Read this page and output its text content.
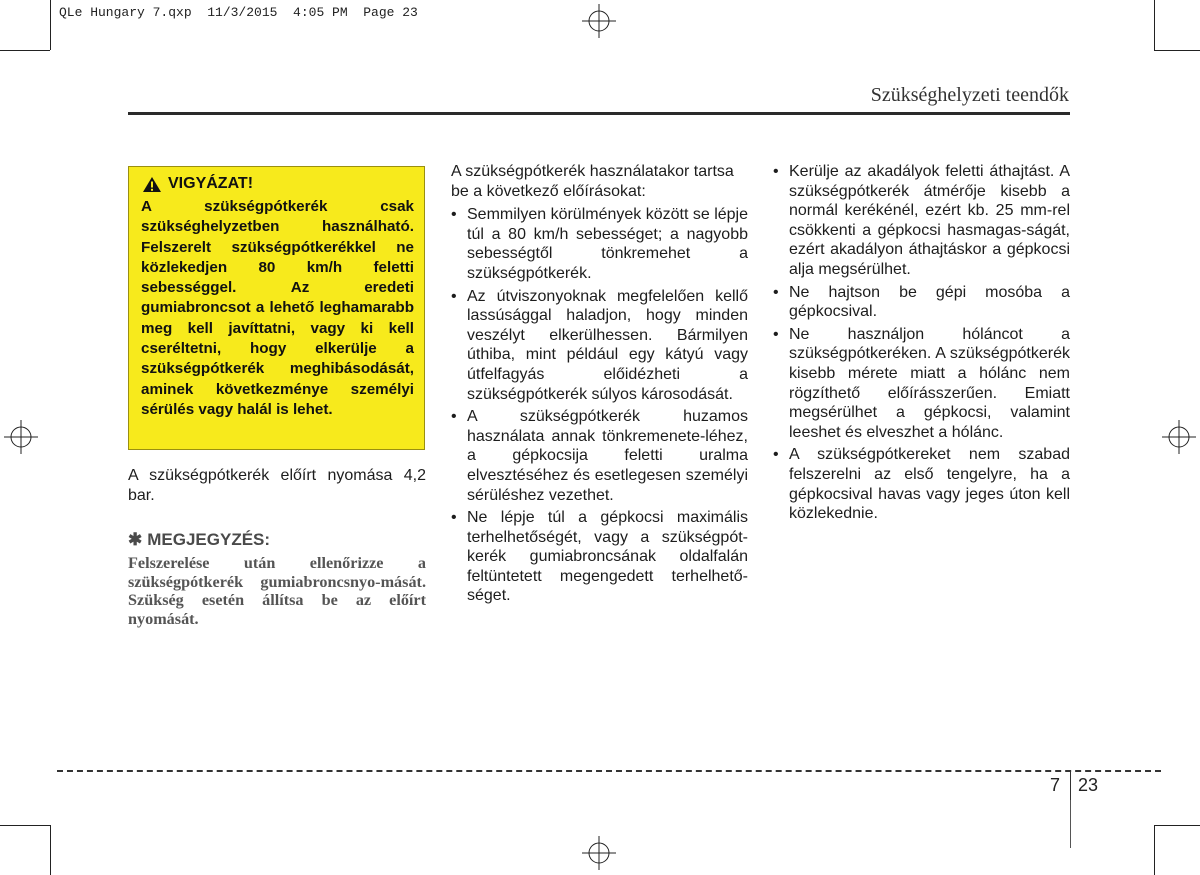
QLe Hungary 7.qxp  11/3/2015  4:05 PM  Page 23
Szükséghelyzeti teendők
VIGYÁZAT!
A szükségpótkerék csak szükséghelyzetben használható. Felszerelt szükségpótkerékkel ne közlekedjen 80 km/h feletti sebességgel. Az eredeti gumiabroncsot a lehető leghamarabb meg kell javíttatni, vagy ki kell cseréltetni, hogy elkerülje a szükségpótkerék meghibásodását, aminek következménye személyi sérülés vagy halál is lehet.
A szükségpótkerék előírt nyomása 4,2 bar.
✱ MEGJEGYZÉS:
Felszerelése után ellenőrizze a szükségpótkerék gumiabroncsnyo-mását. Szükség esetén állítsa be az előírt nyomását.

A szükségpótkerék használatakor tartsa be a következő előírásokat:

• Semmilyen körülmények között se lépje túl a 80 km/h sebességet; a nagyobb sebességtől tönkremehet a szükségpótkerék.
• Az útviszonyoknak megfelelően kellő lassúsággal haladjon, hogy minden veszélyt elkerülhessen. Bármilyen úthiba, mint például egy kátyú vagy útfelfagyás előidézheti a szükségpótkerék súlyos károsodását.
• A szükségpótkerék huzamos használata annak tönkremenete-léhez, a gépkocsija feletti uralma elvesztéséhez és esetlegesen személyi sérüléshez vezethet.
• Ne lépje túl a gépkocsi maximális terhelhetőségét, vagy a szükségpót-kerék gumiabroncsának oldalfalán feltüntetett megengedett terhelhető-séget.
• Kerülje az akadályok feletti áthajtást. A szükségpótkerék átmérője kisebb a normál kerékénél, ezért kb. 25 mm-rel csökkenti a gépkocsi hasmagas-ságát, ezért akadályon áthajtáskor a gépkocsi alja megsérülhet.
• Ne hajtson be gépi mosóba a gépkocsival.
• Ne használjon hóláncot a szükségpótkeréken. A szükségpótkerék kisebb mérete miatt a hólánc nem rögzíthető előírásszerűen. Emiatt megsérülhet a gépkocsi, valamint leeshet és elveszhet a hólánc.
• A szükségpótkereket nem szabad felszerelni az első tengelyre, ha a gépkocsival havas vagy jeges úton kell közlekednie.
7 23
